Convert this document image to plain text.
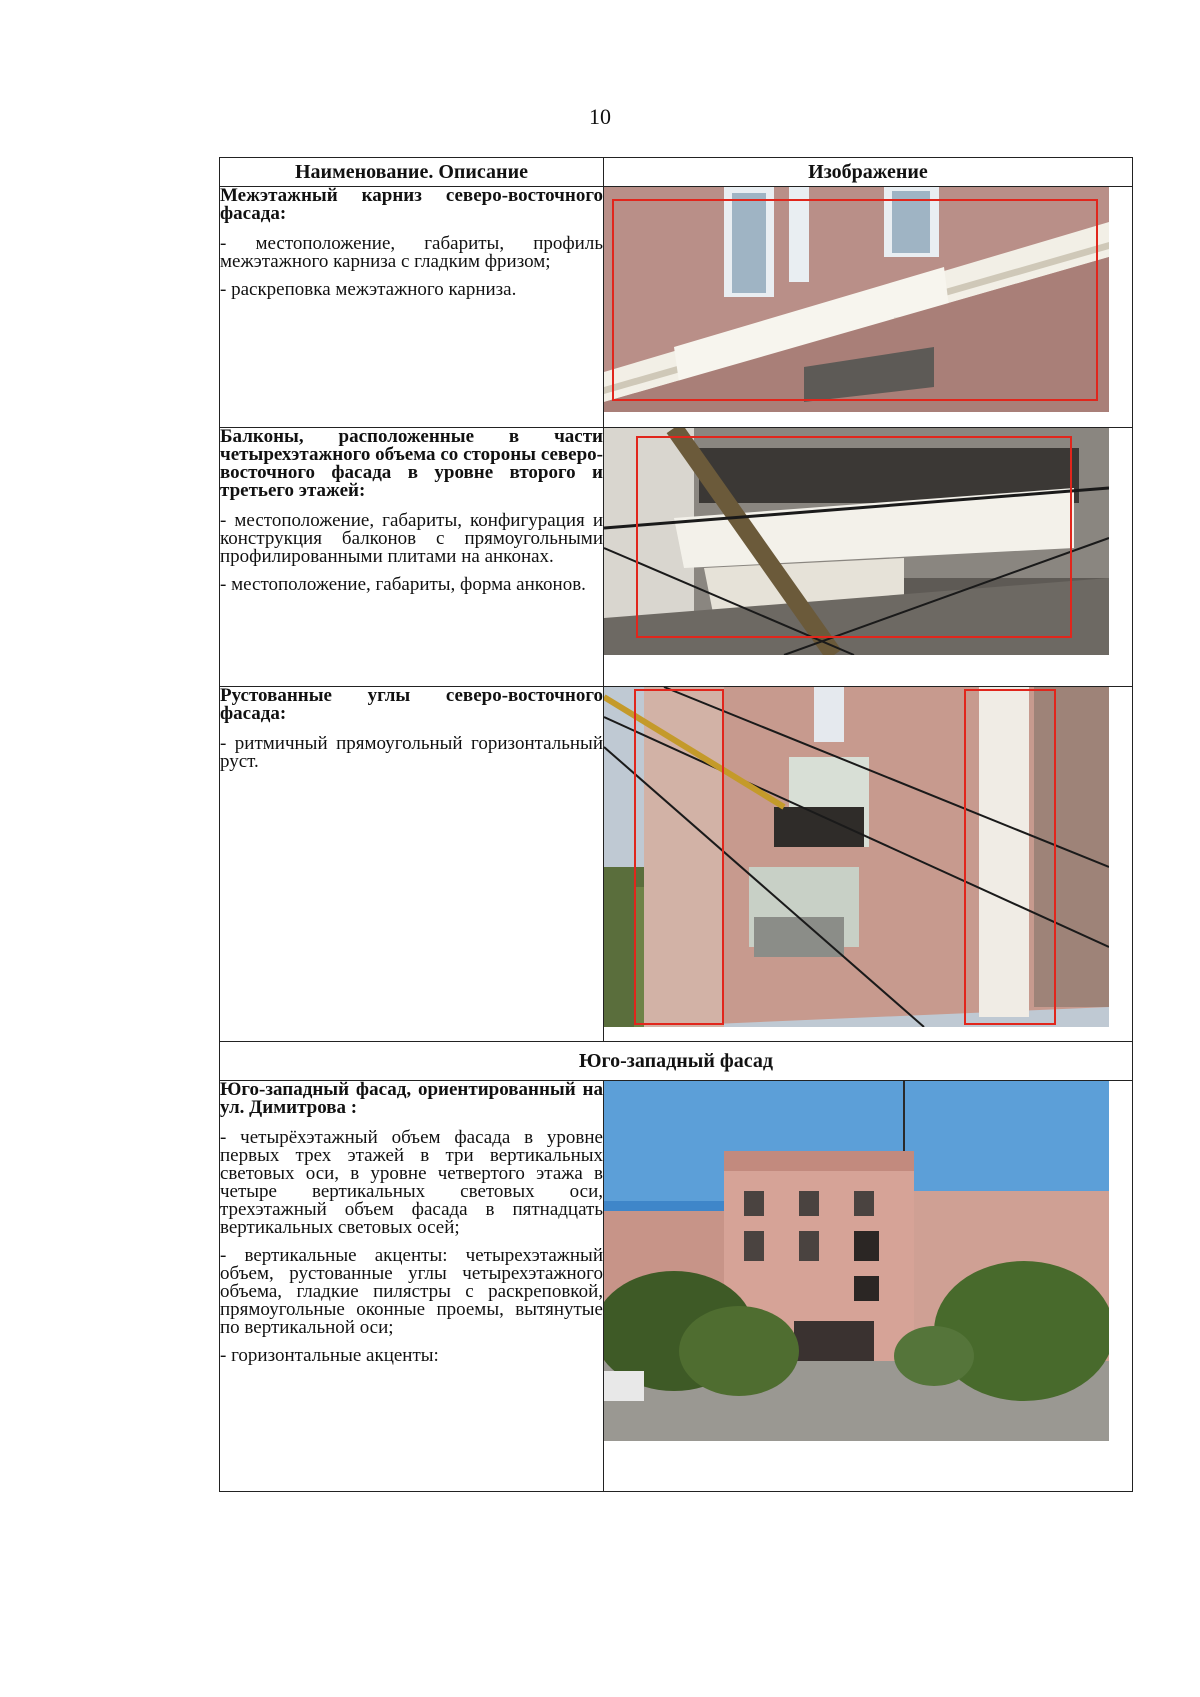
10
Наименование. Описание	Изображение

Межэтажный карниз северо-восточного фасада:

- местоположение, габариты, профиль межэтажного карниза с гладким фризом;

- раскреповка межэтажного карниза.

Балконы, расположенные в части четырехэтажного объема со стороны северо-восточного фасада в уровне второго и третьего этажей:

- местоположение, габариты, конфигурация и конструкция балконов с прямоугольными профилированными плитами на анконах.

- местоположение, габариты, форма анконов.

Рустованные углы северо-восточного фасада:

- ритмичный прямоугольный горизонтальный руст.

Юго-западный фасад	

Юго-западный фасад, ориентированный на ул. Димитрова :

- четырёхэтажный объем фасада в уровне первых трех этажей в три вертикальных световых оси, в уровне четвертого этажа в четыре вертикальных световых оси, трехэтажный объем фасада в пятнадцать вертикальных световых осей;

- вертикальные акценты: четырехэтажный объем, рустованные углы четырехэтажного объема, гладкие пилястры с раскреповкой, прямоугольные оконные проемы, вытянутые по вертикальной оси;

- горизонтальные акценты:
